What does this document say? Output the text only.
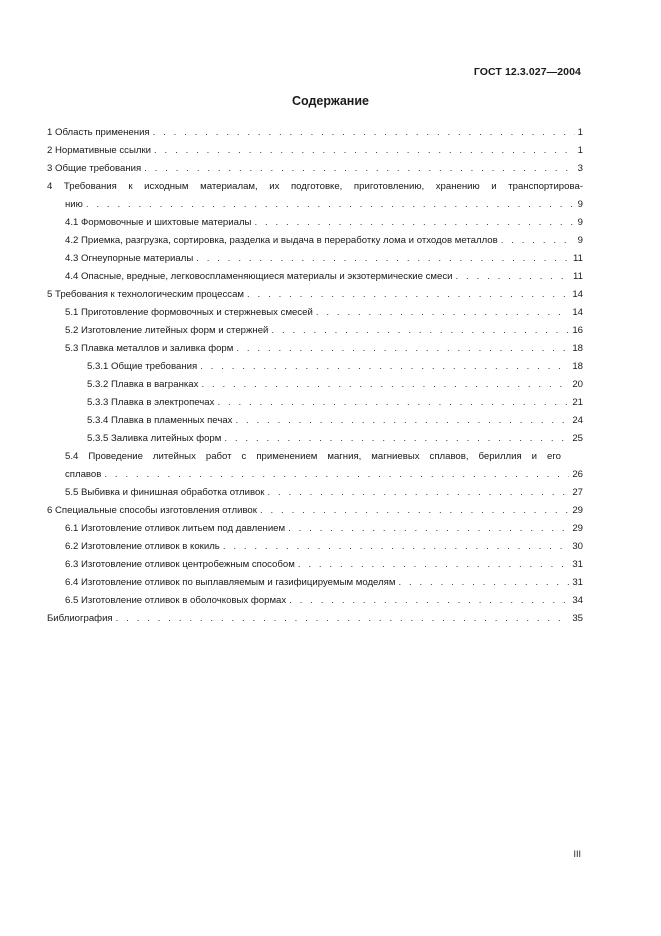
ГОСТ 12.3.027—2004
Содержание
1 Область применения . . .	1
2 Нормативные ссылки . . .	1
3 Общие требования . . .	3
4 Требования к исходным материалам, их подготовке, приготовлению, хранению и транспортирова-
нию . . .	9
4.1 Формовочные и шихтовые материалы . . .	9
4.2 Приемка, разгрузка, сортировка, разделка и выдача в переработку лома и отходов металлов . . .	9
4.3 Огнеупорные материалы . . .	11
4.4 Опасные, вредные, легковоспламеняющиеся материалы и экзотермические смеси . . .	11
5 Требования к технологическим процессам . . .	14
5.1 Приготовление формовочных и стержневых смесей . . .	14
5.2 Изготовление литейных форм и стержней . . .	16
5.3 Плавка металлов и заливка форм . . .	18
5.3.1 Общие требования . . .	18
5.3.2 Плавка в вагранках . . .	20
5.3.3 Плавка в электропечах . . .	21
5.3.4 Плавка в пламенных печах . . .	24
5.3.5 Заливка литейных форм . . .	25
5.4 Проведение литейных работ с применением магния, магниевых сплавов, бериллия и его
сплавов . . .	26
5.5 Выбивка и финишная обработка отливок . . .	27
6 Специальные способы изготовления отливок . . .	29
6.1 Изготовление отливок литьем под давлением . . .	29
6.2 Изготовление отливок в кокиль . . .	30
6.3 Изготовление отливок центробежным способом . . .	31
6.4 Изготовление отливок по выплавляемым и газифицируемым моделям . . .	31
6.5 Изготовление отливок в оболочковых формах . . .	34
Библиография . . .	35
III
